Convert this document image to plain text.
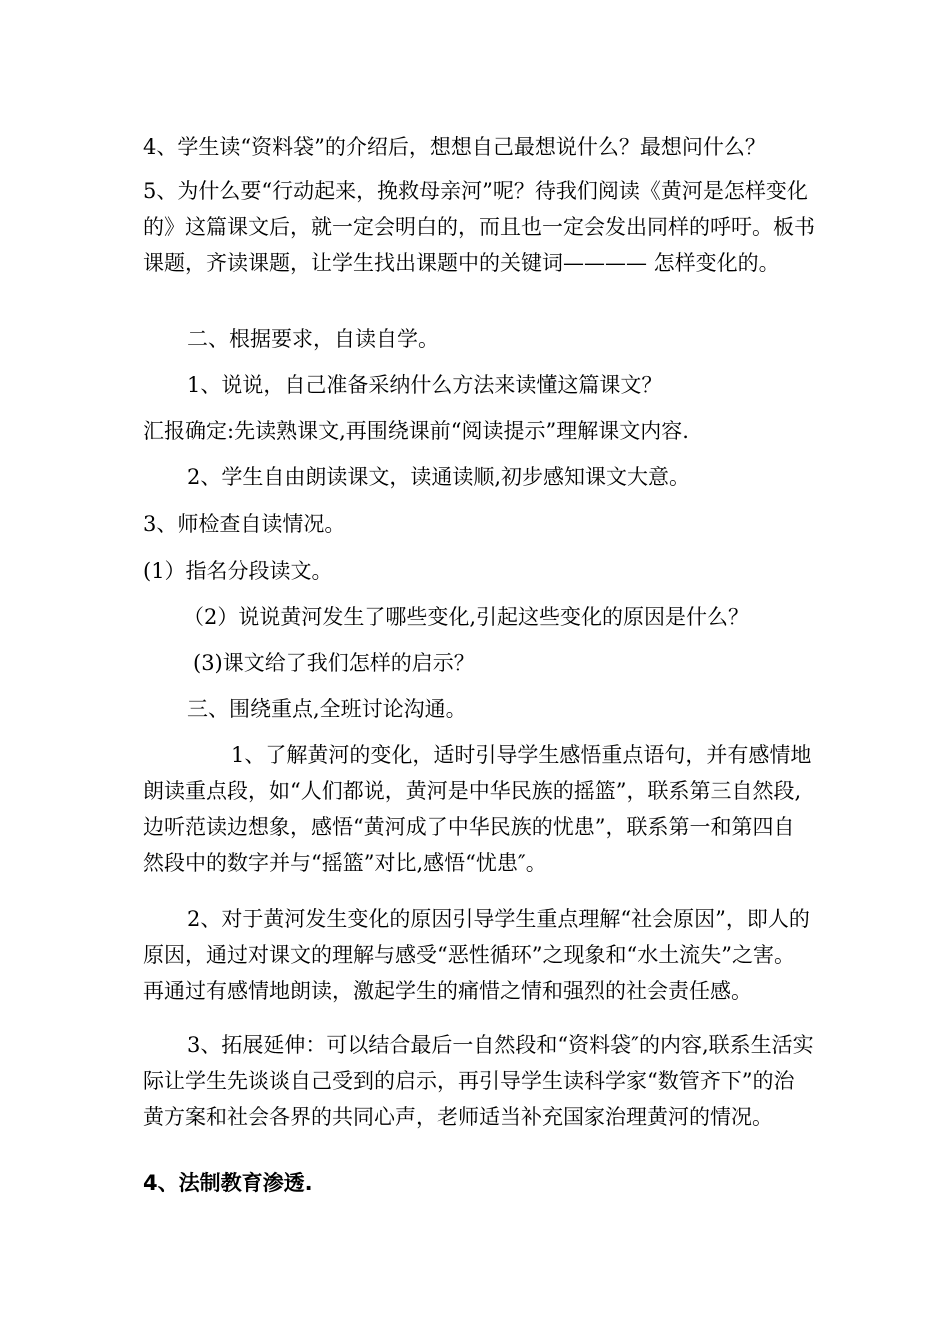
4、学生读“资料袋”的介绍后，想想自己最想说什么？最想问什么？

5、为什么要“行动起来，挽救母亲河”呢？待我们阅读《黄河是怎样变化的》这篇课文后，就一定会明白的，而且也一定会发出同样的呼吁。板书课题，齐读课题，让学生找出课题中的关键词———— 怎样变化的。

二、根据要求，自读自学。

1、说说，自己准备采纳什么方法来读懂这篇课文？

汇报确定:先读熟课文,再围绕课前“阅读提示”理解课文内容.

2、学生自由朗读课文，读通读顺,初步感知课文大意。

3、师检查自读情况。

(1）指名分段读文。

（2）说说黄河发生了哪些变化,引起这些变化的原因是什么？

(3)课文给了我们怎样的启示？

三、围绕重点,全班讨论沟通。

1、了解黄河的变化，适时引导学生感悟重点语句，并有感情地朗读重点段，如“人们都说，黄河是中华民族的摇篮”，联系第三自然段,边听范读边想象，感悟“黄河成了中华民族的忧患”，联系第一和第四自然段中的数字并与“摇篮”对比,感悟“忧患″。

2、对于黄河发生变化的原因引导学生重点理解“社会原因”，即人的原因，通过对课文的理解与感受“恶性循环”之现象和“水土流失”之害。再通过有感情地朗读，激起学生的痛惜之情和强烈的社会责任感。

3、拓展延伸：可以结合最后一自然段和“资料袋″的内容,联系生活实际让学生先谈谈自己受到的启示，再引导学生读科学家“数管齐下”的治黄方案和社会各界的共同心声，老师适当补充国家治理黄河的情况。

4、法制教育渗透.
